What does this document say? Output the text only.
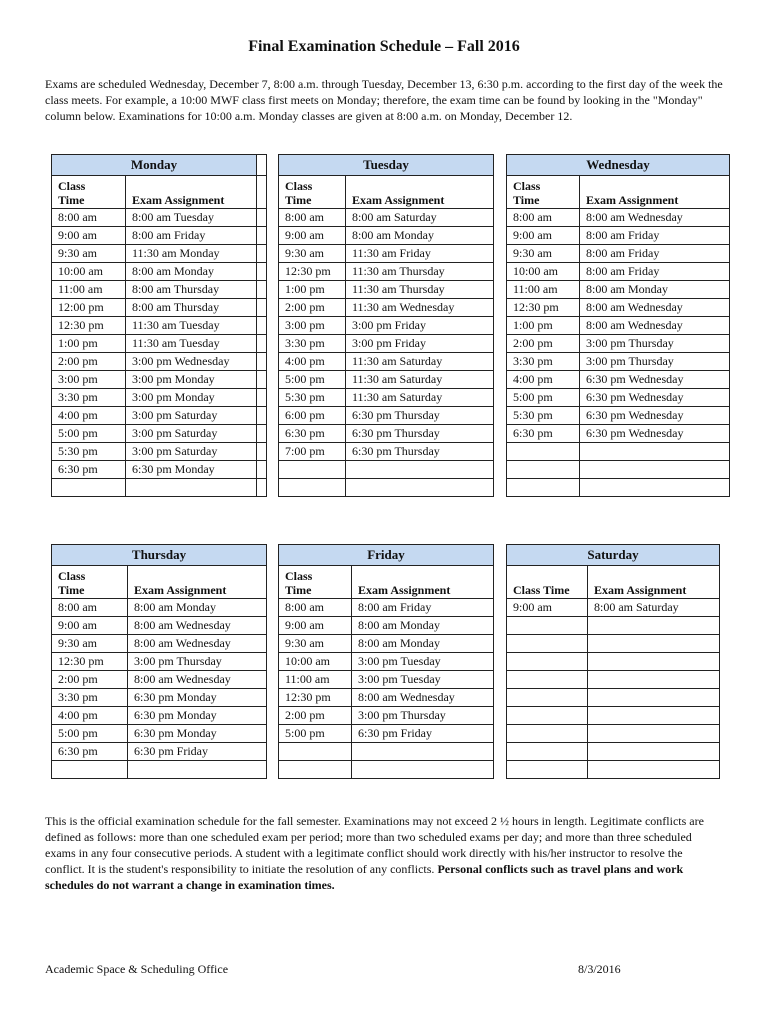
Final Examination Schedule – Fall 2016

Exams are scheduled Wednesday, December 7, 8:00 a.m. through Tuesday, December 13, 6:30 p.m. according to the first day of the week the class meets. For example, a 10:00 MWF class first meets on Monday; therefore, the exam time can be found by looking in the "Monday" column below. Examinations for 10:00 a.m. Monday classes are given at 8:00 a.m. on Monday, December 12.

Monday		
Class
Time	Exam Assignment	
8:00 am	8:00 am Tuesday	
9:00 am	8:00 am Friday	
9:30 am	11:30 am Monday	
10:00 am	8:00 am Monday	
11:00 am	8:00 am Thursday	
12:00 pm	8:00 am Thursday	
12:30 pm	11:30 am Tuesday	
1:00 pm	11:30 am Tuesday	
2:00 pm	3:00 pm Wednesday	
3:00 pm	3:00 pm Monday	
3:30 pm	3:00 pm Monday	
4:00 pm	3:00 pm Saturday	
5:00 pm	3:00 pm Saturday	
5:30 pm	3:00 pm Saturday	
6:30 pm	6:30 pm Monday	

Tuesday	
Class
Time	Exam Assignment
8:00 am	8:00 am Saturday
9:00 am	8:00 am Monday
9:30 am	11:30 am Friday
12:30 pm	11:30 am Thursday
1:00 pm	11:30 am Thursday
2:00 pm	11:30 am Wednesday
3:00 pm	3:00 pm Friday
3:30 pm	3:00 pm Friday
4:00 pm	11:30 am Saturday
5:00 pm	11:30 am Saturday
5:30 pm	11:30 am Saturday
6:00 pm	6:30 pm Thursday
6:30 pm	6:30 pm Thursday
7:00 pm	6:30 pm Thursday

Wednesday	
Class
Time	Exam Assignment
8:00 am	8:00 am Wednesday
9:00 am	8:00 am Friday
9:30 am	8:00 am Friday
10:00 am	8:00 am Friday
11:00 am	8:00 am Monday
12:30 pm	8:00 am Wednesday
1:00 pm	8:00 am Wednesday
2:00 pm	3:00 pm Thursday
3:30 pm	3:00 pm Thursday
4:00 pm	6:30 pm Wednesday
5:00 pm	6:30 pm Wednesday
5:30 pm	6:30 pm Wednesday
6:30 pm	6:30 pm Wednesday

Thursday	
Class
Time	Exam Assignment
8:00 am	8:00 am Monday
9:00 am	8:00 am Wednesday
9:30 am	8:00 am Wednesday
12:30 pm	3:00 pm Thursday
2:00 pm	8:00 am Wednesday
3:30 pm	6:30 pm Monday
4:00 pm	6:30 pm Monday
5:00 pm	6:30 pm Monday
6:30 pm	6:30 pm Friday

Friday	
Class
Time	Exam Assignment
8:00 am	8:00 am Friday
9:00 am	8:00 am Monday
9:30 am	8:00 am Monday
10:00 am	3:00 pm Tuesday
11:00 am	3:00 pm Tuesday
12:30 pm	8:00 am Wednesday
2:00 pm	3:00 pm Thursday
5:00 pm	6:30 pm Friday

Saturday	
Class Time	Exam Assignment
9:00 am	8:00 am Saturday

This is the official examination schedule for the fall semester. Examinations may not exceed 2 ½ hours in length. Legitimate conflicts are defined as follows: more than one scheduled exam per period; more than two scheduled exams per day; and more than three scheduled exams in any four consecutive periods. A student with a legitimate conflict should work directly with his/her instructor to resolve the conflict. It is the student's responsibility to initiate the resolution of any conflicts. Personal conflicts such as travel plans and work schedules do not warrant a change in examination times.

Academic Space & Scheduling Office	8/3/2016
